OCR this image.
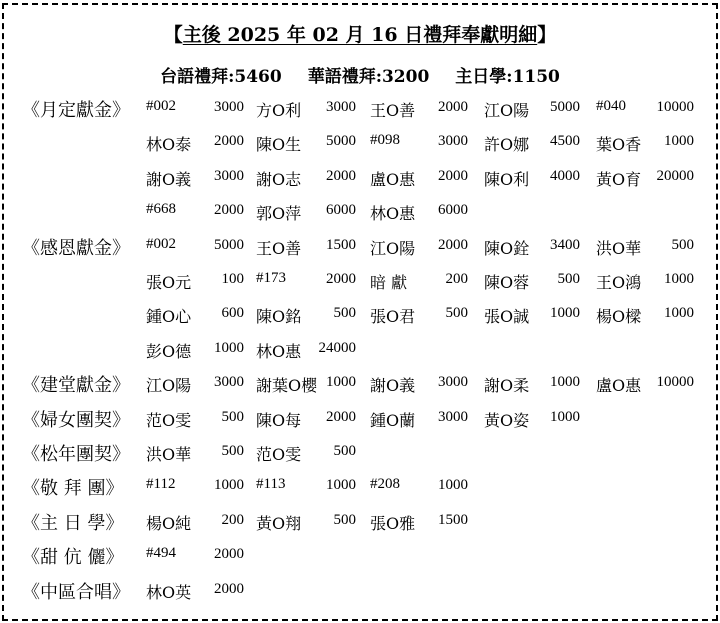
【主後 2025 年 02 月 16 日禮拜奉獻明細】
台語禮拜:5460 華語禮拜:3200 主日學:1150
《月定獻金》	#002	3000 方O利 3000 王O善 2000 江O陽 5000 #040 10000
林O泰 2000 陳O生 5000 #098	3000 許O娜 4500 葉O香 1000
謝O義 3000 謝O志 2000 盧O惠 2000 陳O利 4000 黃O育 20000
#668	2000 郭O萍 6000 林O惠 6000
《感恩獻金》	#002	5000 王O善 1500 江O陽 2000 陳O銓 3400 洪O華 500
張O元 100 #173	2000 暗 獻	200 陳O蓉 500 王O鴻 1000
鍾O心 600 陳O銘 500 張O君 500 張O誠 1000 楊O樑 1000
彭O德 1000 林O惠 24000
《建堂獻金》	江O陽 3000 謝葉O櫻 1000 謝O義 3000 謝O柔 1000 盧O惠 10000
《婦女團契》	范O雯 500 陳O每 2000 鍾O蘭 3000 黃O姿 1000
《松年團契》	洪O華 500 范O雯 500
《敬 拜 團》	#112	1000 #113	1000 #208	1000
《主 日 學》	楊O純 200 黃O翔 500 張O雅 1500
《甜 伉 儷》	#494	2000
《中區合唱》	林O英 2000
